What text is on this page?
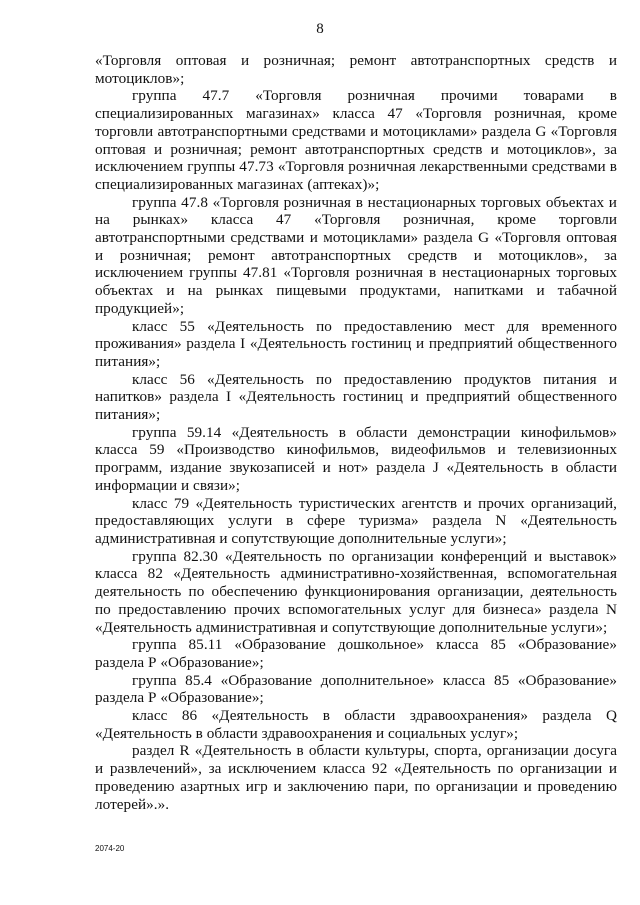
8

«Торговля оптовая и розничная; ремонт автотранспортных средств и мотоциклов»;

группа 47.7 «Торговля розничная прочими товарами в специализированных магазинах» класса 47 «Торговля розничная, кроме торговли автотранспортными средствами и мотоциклами» раздела G «Торговля оптовая и розничная; ремонт автотранспортных средств и мотоциклов», за исключением группы 47.73 «Торговля розничная лекарственными средствами в специализированных магазинах (аптеках)»;

группа 47.8 «Торговля розничная в нестационарных торговых объектах и на рынках» класса 47 «Торговля розничная, кроме торговли автотранспортными средствами и мотоциклами» раздела G «Торговля оптовая и розничная; ремонт автотранспортных средств и мотоциклов», за исключением группы 47.81 «Торговля розничная в нестационарных торговых объектах и на рынках пищевыми продуктами, напитками и табачной продукцией»;

класс 55 «Деятельность по предоставлению мест для временного проживания» раздела I «Деятельность гостиниц и предприятий общественного питания»;

класс 56 «Деятельность по предоставлению продуктов питания и напитков» раздела I «Деятельность гостиниц и предприятий общественного питания»;

группа 59.14 «Деятельность в области демонстрации кинофильмов» класса 59 «Производство кинофильмов, видеофильмов и телевизионных программ, издание звукозаписей и нот» раздела J «Деятельность в области информации и связи»;

класс 79 «Деятельность туристических агентств и прочих организаций, предоставляющих услуги в сфере туризма» раздела N «Деятельность административная и сопутствующие дополнительные услуги»;

группа 82.30 «Деятельность по организации конференций и выставок» класса 82 «Деятельность административно-хозяйственная, вспомогательная деятельность по обеспечению функционирования организации, деятельность по предоставлению прочих вспомогательных услуг для бизнеса» раздела N «Деятельность административная и сопутствующие дополнительные услуги»;

группа 85.11 «Образование дошкольное» класса 85 «Образование» раздела Р «Образование»;

группа 85.4 «Образование дополнительное» класса 85 «Образование» раздела Р «Образование»;

класс 86 «Деятельность в области здравоохранения» раздела Q «Деятельность в области здравоохранения и социальных услуг»;

раздел R «Деятельность в области культуры, спорта, организации досуга и развлечений», за исключением класса 92 «Деятельность по организации и проведению азартных игр и заключению пари, по организации и проведению лотерей».».

2074-20
